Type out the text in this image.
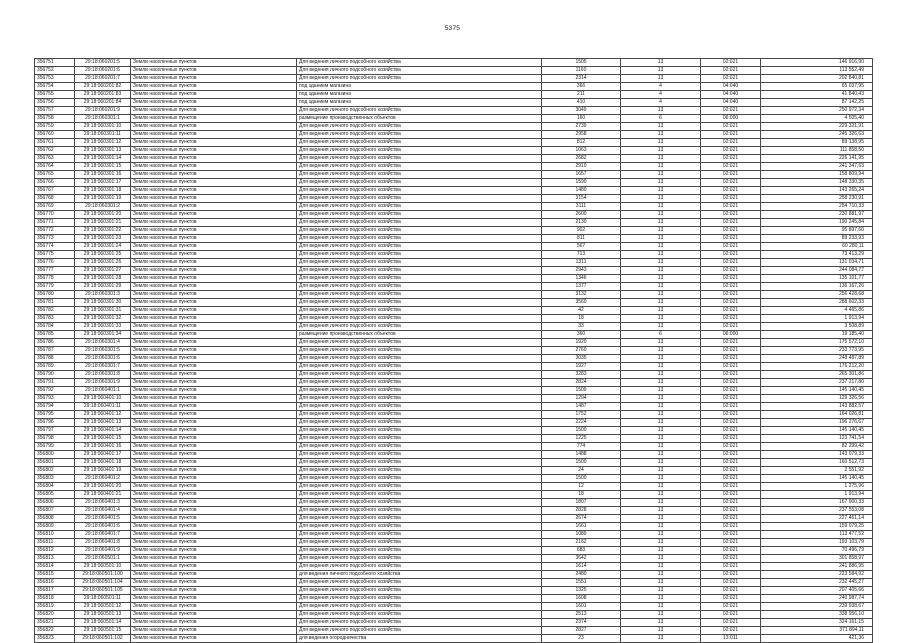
5375
356751	29:18:060201:5	Земли населенных пунктов	Для ведения личного подсобного хозяйства	1505	13	02:021	146 916,90
356752	29:18:060201:6	Земли населенных пунктов	Для ведения личного подсобного хозяйства	1160	13	02:021	113 552,49
356753	29:18:060201:7	Земли населенных пунктов	Для ведения личного подсобного хозяйства	2314	13	02:021	202 840,81
356754	29:18:060201:82	Земли населенных пунктов	под зданием магазина	366	4	04:040	65 037,95
356755	29:18:060201:83	Земли населенных пунктов	под зданием магазина	211	4	04:040	41 840,43
356756	29:18:060201:84	Земли населенных пунктов	под зданием магазина	410	4	04:040	87 142,25
356757	29:18:060201:9	Земли населенных пунктов	Для ведения личного подсобного хозяйства	3049	13	02:021	250 972,34
356758	29:18:060301:1	Земли населенных пунктов	размещение производственных объектов	160	6	06:000	4 505,40
356759	29:18:060301:10	Земли населенных пунктов	Для ведения личного подсобного хозяйства	2739	13	02:021	229 321,91
356760	29:18:060301:11	Земли населенных пунктов	Для ведения личного подсобного хозяйства	2958	13	02:021	245 326,63
356761	29:18:060301:12	Земли населенных пунктов	Для ведения личного подсобного хозяйства	812	13	02:021	89 138,95
356762	29:18:060301:13	Земли населенных пунктов	Для ведения личного подсобного хозяйства	1063	13	02:021	111 858,50
356763	29:18:060301:14	Земли населенных пунктов	Для ведения личного подсобного хозяйства	2682	13	02:021	226 141,95
356764	29:18:060301:15	Земли населенных пунктов	Для ведения личного подсобного хозяйства	2910	13	02:021	241 347,63
356765	29:18:060301:16	Земли населенных пунктов	Для ведения личного подсобного хозяйства	1657	13	02:021	158 809,94
356766	29:18:060301:17	Земли населенных пунктов	Для ведения личного подсобного хозяйства	1590	13	02:021	148 330,35
356767	29:18:060301:18	Земли населенных пунктов	Для ведения личного подсобного хозяйства	1480	13	02:021	143 265,24
356768	29:18:060301:19	Земли населенных пунктов	Для ведения личного подсобного хозяйства	3154	13	02:021	258 230,91
356769	29:18:060301:2	Земли населенных пунктов	Для ведения личного подсобного хозяйства	3111	13	02:021	254 710,33
356770	29:18:060301:20	Земли населенных пунктов	Для ведения личного подсобного хозяйства	2600	13	02:021	230 881,97
356771	29:18:060301:21	Земли населенных пунктов	Для ведения личного подсобного хозяйства	2130	13	02:021	190 245,84
356772	29:18:060301:22	Земли населенных пунктов	Для ведения личного подсобного хозяйства	902	13	02:021	95 897,60
356773	29:18:060301:23	Земли населенных пунктов	Для ведения личного подсобного хозяйства	811	13	02:021	89 233,93
356774	29:18:060301:24	Земли населенных пунктов	Для ведения личного подсобного хозяйства	567	13	02:021	60 280,11
356775	29:18:060301:25	Земли населенных пунктов	Для ведения личного подсобного хозяйства	713	13	02:021	73 413,29
356776	29:18:060301:26	Земли населенных пунктов	Для ведения личного подсобного хозяйства	1311	13	02:021	131 034,71
356777	29:18:060301:27	Земли населенных пунктов	Для ведения личного подсобного хозяйства	2943	13	02:021	244 084,77
356778	29:18:060301:28	Земли населенных пунктов	Для ведения личного подсобного хозяйства	1346	13	02:021	135 101,77
356779	29:18:060301:29	Земли населенных пунктов	Для ведения личного подсобного хозяйства	1377	13	02:021	136 167,26
356780	29:18:060301:3	Земли населенных пунктов	Для ведения личного подсобного хозяйства	3132	13	02:021	256 428,68
356781	29:18:060301:30	Земли населенных пунктов	Для ведения личного подсобного хозяйства	3560	13	02:021	288 602,33
356782	29:18:060301:31	Земли населенных пунктов	Для ведения личного подсобного хозяйства	42	13	02:021	4 465,86
356783	29:18:060301:32	Земли населенных пунктов	Для ведения личного подсобного хозяйства	18	13	02:021	1 913,94
356784	29:18:060301:33	Земли населенных пунктов	Для ведения личного подсобного хозяйства	33	13	02:021	3 508,89
356785	29:18:060301:34	Земли населенных пунктов	размещение производственных объектов	360	6	06:000	19 185,40
356786	29:18:060301:4	Земли населенных пунктов	Для ведения личного подсобного хозяйства	1920	13	02:021	175 572,10
356787	29:18:060301:5	Земли населенных пунктов	Для ведения личного подсобного хозяйства	2760	13	02:021	233 773,95
356788	29:18:060301:6	Земли населенных пунктов	Для ведения личного подсобного хозяйства	3035	13	02:021	248 487,89
356789	29:18:060301:7	Земли населенных пунктов	Для ведения личного подсобного хозяйства	1927	13	02:021	176 212,20
356790	29:18:060301:8	Земли населенных пунктов	Для ведения личного подсобного хозяйства	3283	13	02:021	265 301,86
356791	29:18:060301:9	Земли населенных пунктов	Для ведения личного подсобного хозяйства	2824	13	02:021	237 217,80
356792	29:18:060401:1	Земли населенных пунктов	Для ведения личного подсобного хозяйства	1509	13	02:021	145 140,45
356793	29:18:060401:10	Земли населенных пунктов	Для ведения личного подсобного хозяйства	1294	13	02:021	129 326,56
356794	29:18:060401:11	Земли населенных пунктов	Для ведения личного подсобного хозяйства	1487	13	02:021	143 882,57
356795	29:18:060401:12	Земли населенных пунктов	Для ведения личного подсобного хозяйства	1752	13	02:021	164 026,81
356796	29:18:060401:13	Земли населенных пунктов	Для ведения личного подсобного хозяйства	2224	13	02:021	196 276,67
356797	29:18:060401:14	Земли населенных пунктов	Для ведения личного подсобного хозяйства	1500	13	02:021	145 140,45
356798	29:18:060401:15	Земли населенных пунктов	Для ведения личного подсобного хозяйства	1225	13	02:021	123 741,54
356799	29:18:060401:16	Земли населенных пунктов	Для ведения личного подсобного хозяйства	774	13	02:021	82 299,42
356800	29:18:060401:17	Земли населенных пунктов	Для ведения личного подсобного хозяйства	1488	13	02:021	143 079,33
356801	29:18:060401:18	Земли населенных пунктов	Для ведения личного подсобного хозяйства	1500	13	02:021	160 512,73
356802	29:18:060401:19	Земли населенных пунктов	Для ведения личного подсобного хозяйства	24	13	02:021	2 551,92
356803	29:18:060401:2	Земли населенных пунктов	Для ведения личного подсобного хозяйства	1500	13	02:021	145 140,45
356804	29:18:060401:20	Земли населенных пунктов	Для ведения личного подсобного хозяйства	12	13	02:021	1 275,96
356805	29:18:060401:21	Земли населенных пунктов	Для ведения личного подсобного хозяйства	18	13	02:021	1 913,94
356806	29:18:060401:3	Земли населенных пунктов	Для ведения личного подсобного хозяйства	1807	13	02:021	167 900,33
356807	29:18:060401:4	Земли населенных пунктов	Для ведения личного подсобного хозяйства	2828	13	02:021	237 553,08
356808	29:18:060401:5	Земли населенных пунктов	Для ведения личного подсобного хозяйства	2674	13	02:021	227 461,14
356809	29:18:060401:6	Земли населенных пунктов	Для ведения личного подсобного хозяйства	1661	13	02:021	159 079,25
356810	29:18:060401:7	Земли населенных пунктов	Для ведения личного подсобного хозяйства	1089	13	02:021	113 477,52
356811	29:18:060401:8	Земли населенных пунктов	Для ведения личного подсобного хозяйства	2162	13	02:021	193 103,79
356812	29:18:060401:9	Земли населенных пунктов	Для ведения личного подсобного хозяйства	683	13	02:021	70 496,79
356813	29:18:060501:1	Земли населенных пунктов	Для ведения личного подсобного хозяйства	3642	13	02:021	301 858,97
356814	29:18:060501:10	Земли населенных пунктов	Для ведения личного подсобного хозяйства	1614	13	02:021	241 886,95
356815	29:18:060501:100	Земли населенных пунктов	для ведения личного подсобного хозяйства	2480	13	02:021	223 584,92
356816	29:18:060501:104	Земли населенных пунктов	Для ведения личного подсобного хозяйства	1551	13	02:021	232 445,27
356817	29:18:060501:105	Земли населенных пунктов	Для ведения личного подсобного хозяйства	1325	13	02:021	207 405,66
356818	29:18:060501:11	Земли населенных пунктов	Для ведения личного подсобного хозяйства	1608	13	02:021	240 987,74
356819	29:18:060501:12	Земли населенных пунктов	Для ведения личного подсобного хозяйства	1601	13	02:021	239 938,67
356820	29:18:060501:13	Земли населенных пунктов	Для ведения личного подсобного хозяйства	2513	13	02:021	338 956,10
356821	29:18:060501:14	Земли населенных пунктов	Для ведения личного подсобного хозяйства	2374	13	02:021	324 161,15
356822	29:18:060501:15	Земли населенных пунктов	Для ведения личного подсобного хозяйства	2827	13	02:021	371 894,11
356823	29:18:060501:102	Земли населенных пунктов	для ведения огородничества	23	13	13:011	421,36
